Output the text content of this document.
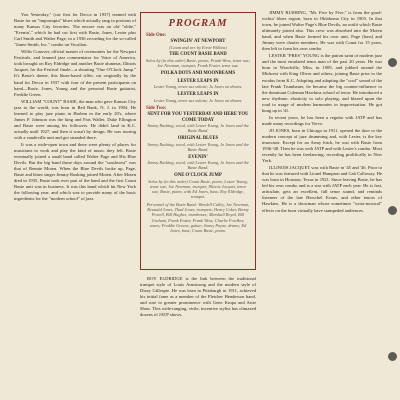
You Yesterday," (cut first for Decca in 1937) teamed with Basie for an "impromptu" blues which actually rang in portions of many Kansas City favorites. The encore was an old "oldie," "Evenin'," which he had cut first with Basie, Jones, Lester plus Carl Smith and Walter Page, in a 1936 recording for the so-called "Jones-Smith, Inc." combo on Vocalion.

Willis Conover, official master of ceremonies for the Newport Festivals, and learned jazz commentator for Voice of America, took brought on Roy Eldridge and another Basie alumnus, Illinois Jacquet, for the Festival finale—a shouting "One O'Clock Jump." It's Basie's theme, this blues-based riffer, cut originally by the band for Decca in 1937 with four of the present participants on hand—Basie, Jones, Young and the personal Basie guitarist, Freddie Green.

WILLIAM "COUNT" BASIE, the man who gave Kansas City jazz to the world, was born in Red Bank, N. J. in 1904. He learned to play jazz piano in Harlem in the early 20's, where James P. Johnson was the king and Fats Waller, Duke Ellington and Basie were among his followers. He didn't land in K.C. actually until 1927, and then it wasn't by design. He was touring with a vaudeville unit and got stranded there.

It was a wide-open town and there were plenty of places for musicians to work and play the kind of music they felt. Basie eventually joined a small band called Walter Page and His Blue Devils. But the big band those days around the "southwest" was that of Bennie Moten. When the Blue Devils broke up, Page, Basie and blues singer Jimmy Rushing joined Moten. After Moten died in 1935, Basie took over part of the band and the first Count Basie unit was in business. It was this band which hit New York the following year, and which was to provide many of the basic ingredients for the "modern school" of jazz.

PROGRAM
Side One:
SWINGIN' AT NEWPORT
(Count and arr. by Ernie Wilkins)
THE COUNT BASIE BAND
Solos by (in this order) Basie, piano; Frank Wess, tenor sax; Joe Newman, trumpet; Frank Foster, tenor sax.
POLKA DOTS AND MOONBEAMS
LESTER LEAPS IN
Lester Young, tenor sax soloist; Jo Jones on drums.
LESTER LEAPS IN
Lester Young, tenor sax soloist; Jo Jones on drums.
Side Two:
SENT FOR YOU YESTERDAY AND HERE YOU COME TODAY
Jimmy Rushing, vocal, with Lester Young, Jo Jones and the Basie Band.
ORIGINAL BLUES
Jimmy Rushing, vocal, with Lester Young, Jo Jones and the Basie Band.
EVENIN'
Jimmy Rushing, vocal, with Lester Young, Jo Jones and the Basie Band.
ONE O'CLOCK JUMP
Solos by (in this order) Count Basie, piano; Lester Young, tenor sax; Joe Newman, trumpet; Illinois Jacquet, tenor sax; Basie, piano, with Ed Jones, bass; Roy Eldridge, trumpet.
Personnel of the Basie Band: Wendell Culley, Joe Newman, Reunald Jones, Thad Jones, trumpets; Henry Coker, Benny Powell, Bill Hughes, trombones; Marshall Royal, Bill Graham, Frank Foster, Frank Wess, Charlie Fowlkes, saxes; Freddie Greene, guitar; Sonny Payne, drums; Ed Jones, bass; Count Basie, piano.

ROY ELDRIDGE is the link between the traditional trumpet style of Louis Armstrong and the modern style of Dizzy Gillespie. He was born in Pittsburgh in 1911, achieved his initial fame as a member of the Fletcher Henderson band, and rose to greater prominence with Gene Krupa and Artie Shaw. This wide-ranging, virile, inventive stylist has climaxed dozens of JATP shows.

JIMMY RUSHING, "Mr. Five by Five," is from the good-rockin' blues region, born in Oklahoma City in 1903. In that town, he joined Walter Page's Blue Devils, an outfit which Basie ultimately joined also. This crew was absorbed into the Moten band, and when Basie formed his own unit, Page (bass) and Jimmy were charter members. He was with Count for 15 years, then left to form his own combo.

LESTER "PRES" YOUNG is the patron saint of modern jazz and the most emulated tenor man of the past 20 years. He was born in Woodville, Miss. in 1909, and jobbed around the Midwest with King Oliver and others, joining Basie prior to the exodus from K.C. Adopting and adapting the "cool" sound of the late Frank Trumbauer, he became the big counter-influence to the dominant Coleman Hawkins school of tenor. He introduced a new rhythmic elasticity to solo playing, and blazed upon the road to usage of modern harmonies in improvisation. He got hung up in '41.

In recent years, he has been a regular with JATP and has made many recordings for Verve.

JO JONES, born in Chicago in 1911, opened the door to the modern concept of jazz drumming and, with Lester, is the key innovator. Except for an Army hitch, he was with Basie from 1936-'48. Then he was with JATP and with Lester's combo. Most recently he has been freelancing, recording prolifically in New York.

ILLINOIS JACQUET was with Basie in '45 and '46. Prior to that he was featured with Lionel Hampton and Cab Calloway. He was born in Houston, Texas in 1921. Since leaving Basie, he has led his own combo and is a star with JATP each year. He is fast, articulate, gets an excellent, full tenor sound, and reminds listeners of the late Herschel Evans, and other tenors of Hawkins. He is a showman whose sometimes "extra-musical" effects on the horn virtually have stampeded audiences.
